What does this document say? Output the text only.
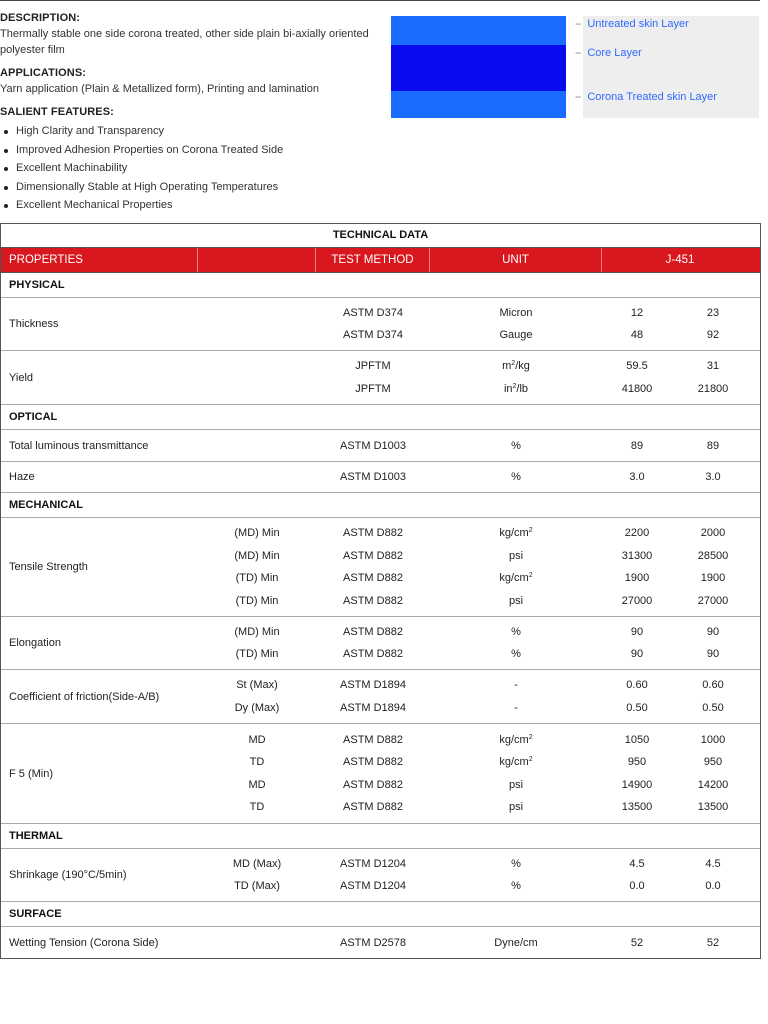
DESCRIPTION:
Thermally stable one side corona treated, other side plain bi-axially oriented polyester film
APPLICATIONS:
Yarn application (Plain & Metallized form), Printing and lamination
SALIENT FEATURES:
High Clarity and Transparency
Improved Adhesion Properties on Corona Treated Side
Excellent Machinability
Dimensionally Stable at High Operating Temperatures
Excellent Mechanical Properties
-- Untreated skin Layer
-- Core Layer
-- Corona Treated skin Layer
TECHNICAL DATA
PROPERTIES	TEST METHOD	UNIT	J-451
PHYSICAL
Thickness
ASTM D374	Micron	12	23
ASTM D374	Gauge	48	92
Yield
JPFTM	$m^2/kg$	59.5	31
JPFTM	$in^2/lb$	41800	21800
OPTICAL
Total luminous transmittance	ASTM D1003	%	89	89
Haze	ASTM D1003	%	3.0	3.0
MECHANICAL
Tensile Strength
(MD) Min	ASTM D882	$kg/cm^2$	2200	2000
(MD) Min	ASTM D882	psi	31300	28500
(TD) Min	ASTM D882	$kg/cm^2$	1900	1900
(TD) Min	ASTM D882	psi	27000	27000
Elongation
(MD) Min	ASTM D882	%	90	90
(TD) Min	ASTM D882	%	90	90
Coefficient of friction(Side-A/B)
St (Max)	ASTM D1894	-	0.60	0.60
Dy (Max)	ASTM D1894	-	0.50	0.50
F 5 (Min)
MD	ASTM D882	$kg/cm^2$	1050	1000
TD	ASTM D882	$kg/cm^2$	950	950
MD	ASTM D882	psi	14900	14200
TD	ASTM D882	psi	13500	13500
THERMAL
Shrinkage (190°C/5min)
MD (Max)	ASTM D1204	%	4.5	4.5
TD (Max)	ASTM D1204	%	0.0	0.0
SURFACE
Wetting Tension (Corona Side)	ASTM D2578	Dyne/cm	52	52
